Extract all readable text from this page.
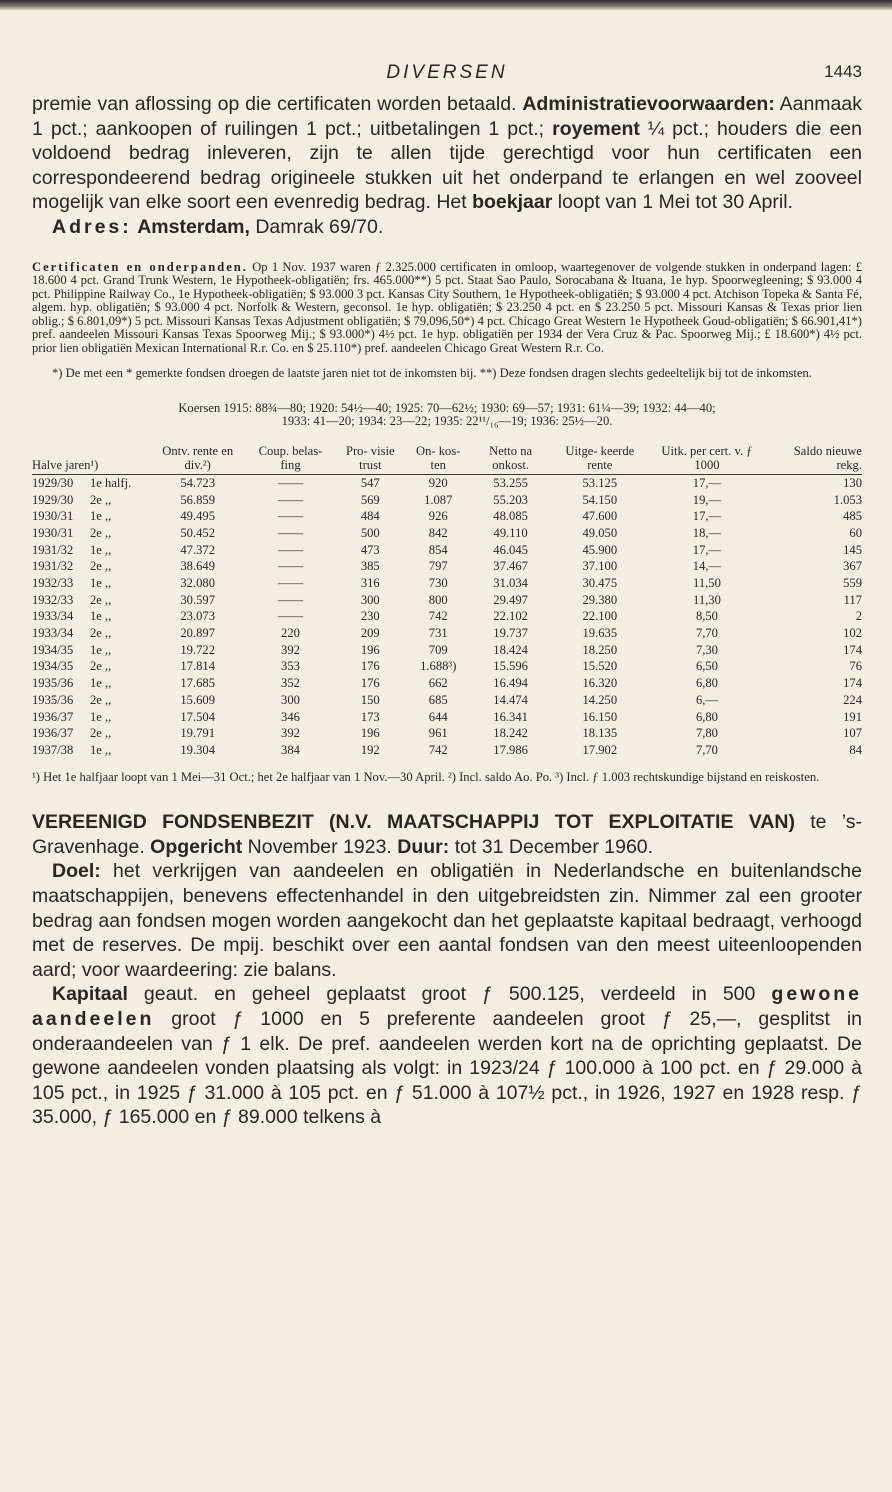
DIVERSEN	1443

premie van aflossing op die certificaten worden betaald. Administratievoorwaarden: Aanmaak 1 pct.; aankoopen of ruilingen 1 pct.; uitbetalingen 1 pct.; royement ¼ pct.; houders die een voldoend bedrag inleveren, zijn te allen tijde gerechtigd voor hun certificaten een correspondeerend bedrag origineele stukken uit het onderpand te erlangen en wel zooveel mogelijk van elke soort een evenredig bedrag. Het boekjaar loopt van 1 Mei tot 30 April.

Adres: Amsterdam, Damrak 69/70.

Certificaten en onderpanden. Op 1 Nov. 1937 waren ƒ 2.325.000 certificaten in omloop, waartegenover de volgende stukken in onderpand lagen: £ 18.600 4 pct. Grand Trunk Western, 1e Hypotheek-obligatiën; frs. 465.000**) 5 pct. Staat Sao Paulo, Sorocabana & Ituana, 1e hyp. Spoorwegleening; $ 93.000 4 pct. Philippine Railway Co., 1e Hypotheek-obligatiën; $ 93.000 3 pct. Kansas City Southern, 1e Hypotheek-obligatiën; $ 93.000 4 pct. Atchison Topeka & Santa Fé, algem. hyp. obligatiën; $ 93.000 4 pct. Norfolk & Western, geconsol. 1e hyp. obligatiën; $ 23.250 4 pct. en $ 23.250 5 pct. Missouri Kansas & Texas prior lien oblig.; $ 6.801,09*) 5 pct. Missouri Kansas Texas Adjustment obligatiën; $ 79.096,50*) 4 pct. Chicago Great Western 1e Hypotheek Goud-obligatiën; $ 66.901,41*) pref. aandeelen Missouri Kansas Texas Spoorweg Mij.; $ 93.000*) 4½ pct. 1e hyp. obligatiën per 1934 der Vera Cruz & Pac. Spoorweg Mij.; £ 18.600*) 4½ pct. prior lien obligatiën Mexican International R.r. Co. en $ 25.110*) pref. aandeelen Chicago Great Western R.r. Co.

*) De met een * gemerkte fondsen droegen de laatste jaren niet tot de inkomsten bij. **) Deze fondsen dragen slechts gedeeltelijk bij tot de inkomsten.
Koersen 1915: 88¾—80; 1920: 54½—40; 1925: 70—62½; 1930: 69—57; 1931: 61¼—39; 1932: 44—40;
1933: 41—20; 1934: 23—22; 1935: 22¹¹/₁₆—19; 1936: 25½—20.
Halve jaren¹)		Ontv. rente en div.²)	Coup. belas- fing	Pro- visie trust	On- kos- ten	Netto na onkost.	Uitge- keerde rente	Uitk. per cert. v. ƒ 1000	Saldo nieuwe rekg.
1929/30	1e halfj.	54.723	——	547	920	53.255	53.125	17,—	130
1929/30	2e ,,	56.859	——	569	1.087	55.203	54.150	19,—	1.053
1930/31	1e ,,	49.495	——	484	926	48.085	47.600	17,—	485
1930/31	2e ,,	50.452	——	500	842	49.110	49.050	18,—	60
1931/32	1e ,,	47.372	——	473	854	46.045	45.900	17,—	145
1931/32	2e ,,	38.649	——	385	797	37.467	37.100	14,—	367
1932/33	1e ,,	32.080	——	316	730	31.034	30.475	11,50	559
1932/33	2e ,,	30.597	——	300	800	29.497	29.380	11,30	117
1933/34	1e ,,	23.073	——	230	742	22.102	22.100	8,50	2
1933/34	2e ,,	20.897	220	209	731	19.737	19.635	7,70	102
1934/35	1e ,,	19.722	392	196	709	18.424	18.250	7,30	174
1934/35	2e ,,	17.814	353	176	1.688³)	15.596	15.520	6,50	76
1935/36	1e ,,	17.685	352	176	662	16.494	16.320	6,80	174
1935/36	2e ,,	15.609	300	150	685	14.474	14.250	6,—	224
1936/37	1e ,,	17.504	346	173	644	16.341	16.150	6,80	191
1936/37	2e ,,	19.791	392	196	961	18.242	18.135	7,80	107
1937/38	1e ,,	19.304	384	192	742	17.986	17.902	7,70	84
¹) Het 1e halfjaar loopt van 1 Mei—31 Oct.; het 2e halfjaar van 1 Nov.—30 April. ²) Incl. saldo Ao. Po. ³) Incl. ƒ 1.003 rechtskundige bijstand en reiskosten.

VEREENIGD FONDSENBEZIT (N.V. MAATSCHAPPIJ TOT EXPLOITATIE VAN) te ’s-Gravenhage. Opgericht November 1923. Duur: tot 31 December 1960.

Doel: het verkrijgen van aandeelen en obligatiën in Nederlandsche en buitenlandsche maatschappijen, benevens effectenhandel in den uitgebreidsten zin. Nimmer zal een grooter bedrag aan fondsen mogen worden aangekocht dan het geplaatste kapitaal bedraagt, verhoogd met de reserves. De mpij. beschikt over een aantal fondsen van den meest uiteenloopenden aard; voor waardeering: zie balans.

Kapitaal geaut. en geheel geplaatst groot ƒ 500.125, verdeeld in 500 gewone aandeelen groot ƒ 1000 en 5 preferente aandeelen groot ƒ 25,—, gesplitst in onderaandeelen van ƒ 1 elk. De pref. aandeelen werden kort na de oprichting geplaatst. De gewone aandeelen vonden plaatsing als volgt: in 1923/24 ƒ 100.000 à 100 pct. en ƒ 29.000 à 105 pct., in 1925 ƒ 31.000 à 105 pct. en ƒ 51.000 à 107½ pct., in 1926, 1927 en 1928 resp. ƒ 35.000, ƒ 165.000 en ƒ 89.000 telkens à
